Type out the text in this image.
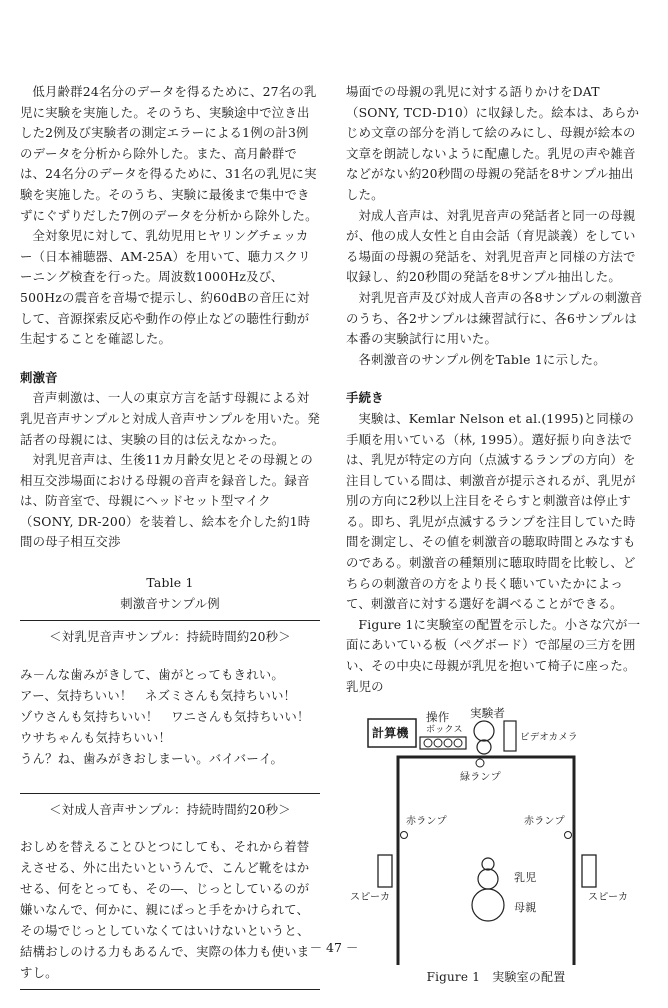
低月齢群24名分のデータを得るために、27名の乳児に実験を実施した。そのうち、実験途中で泣き出した2例及び実験者の測定エラーによる1例の計3例のデータを分析から除外した。また、高月齢群では、24名分のデータを得るために、31名の乳児に実験を実施した。そのうち、実験に最後まで集中できずにぐずりだした7例のデータを分析から除外した。

全対象児に対して、乳幼児用ヒヤリングチェッカー（日本補聴器、AM-25A）を用いて、聴力スクリーニング検査を行った。周波数1000Hz及び、500Hzの震音を音場で提示し、約60dBの音圧に対して、音源探索反応や動作の停止などの聴性行動が生起することを確認した。

刺激音

音声刺激は、一人の東京方言を話す母親による対乳児音声サンプルと対成人音声サンプルを用いた。発話者の母親には、実験の目的は伝えなかった。

対乳児音声は、生後11カ月齢女児とその母親との相互交渉場面における母親の音声を録音した。録音は、防音室で、母親にヘッドセット型マイク（SONY, DR-200）を装着し、絵本を介した約1時間の母子相互交渉

Table 1

刺激音サンプル例

＜対乳児音声サンプル：持続時間約20秒＞

み－んな歯みがきして、歯がとってもきれい。

アー、気持ちいい！　ネズミさんも気持ちいい！

ゾウさんも気持ちいい！　ワニさんも気持ちいい！

ウサちゃんも気持ちいい！

うん？ね、歯みがきおしまーい。バイバーイ。

＜対成人音声サンプル：持続時間約20秒＞

おしめを替えることひとつにしても、それから着替えさせる、外に出たいというんで、こんど靴をはかせる、何をとっても、その―、じっとしているのが嫌いなんで、何かに、親にぱっと手をかけられて、その場でじっとしていなくてはいけないというと、結構おしのける力もあるんで、実際の体力も使いますし。

場面での母親の乳児に対する語りかけをDAT（SONY, TCD-D10）に収録した。絵本は、あらかじめ文章の部分を消して絵のみにし、母親が絵本の文章を朗読しないように配慮した。乳児の声や雑音などがない約20秒間の母親の発話を8サンプル抽出した。

対成人音声は、対乳児音声の発話者と同一の母親が、他の成人女性と自由会話（育児談義）をしている場面の母親の発話を、対乳児音声と同様の方法で収録し、約20秒間の発話を8サンプル抽出した。

対乳児音声及び対成人音声の各8サンプルの刺激音のうち、各2サンプルは練習試行に、各6サンプルは本番の実験試行に用いた。

各刺激音のサンプル例をTable 1に示した。

手続き

実験は、Kemlar Nelson et al.(1995)と同様の手順を用いている（林, 1995）。選好振り向き法では、乳児が特定の方向（点滅するランプの方向）を注目している間は、刺激音が提示されるが、乳児が別の方向に2秒以上注目をそらすと刺激音は停止する。即ち、乳児が点滅するランプを注目していた時間を測定し、その値を刺激音の聴取時間とみなすものである。刺激音の種類別に聴取時間を比較し、どちらの刺激音の方をより長く聴いていたかによって、刺激音に対する選好を調べることができる。

Figure 1に実験室の配置を示した。小さな穴が一面にあいている板（ペグボード）で部屋の三方を囲い、その中央に母親が乳児を抱いて椅子に座った。乳児の

計算機
操作
ボックス
実験者
ビデオカメラ
緑ランプ
赤ランプ	赤ランプ
スピーカ	スピーカ
乳児
母親

Figure 1　実験室の配置

－ 47 －
